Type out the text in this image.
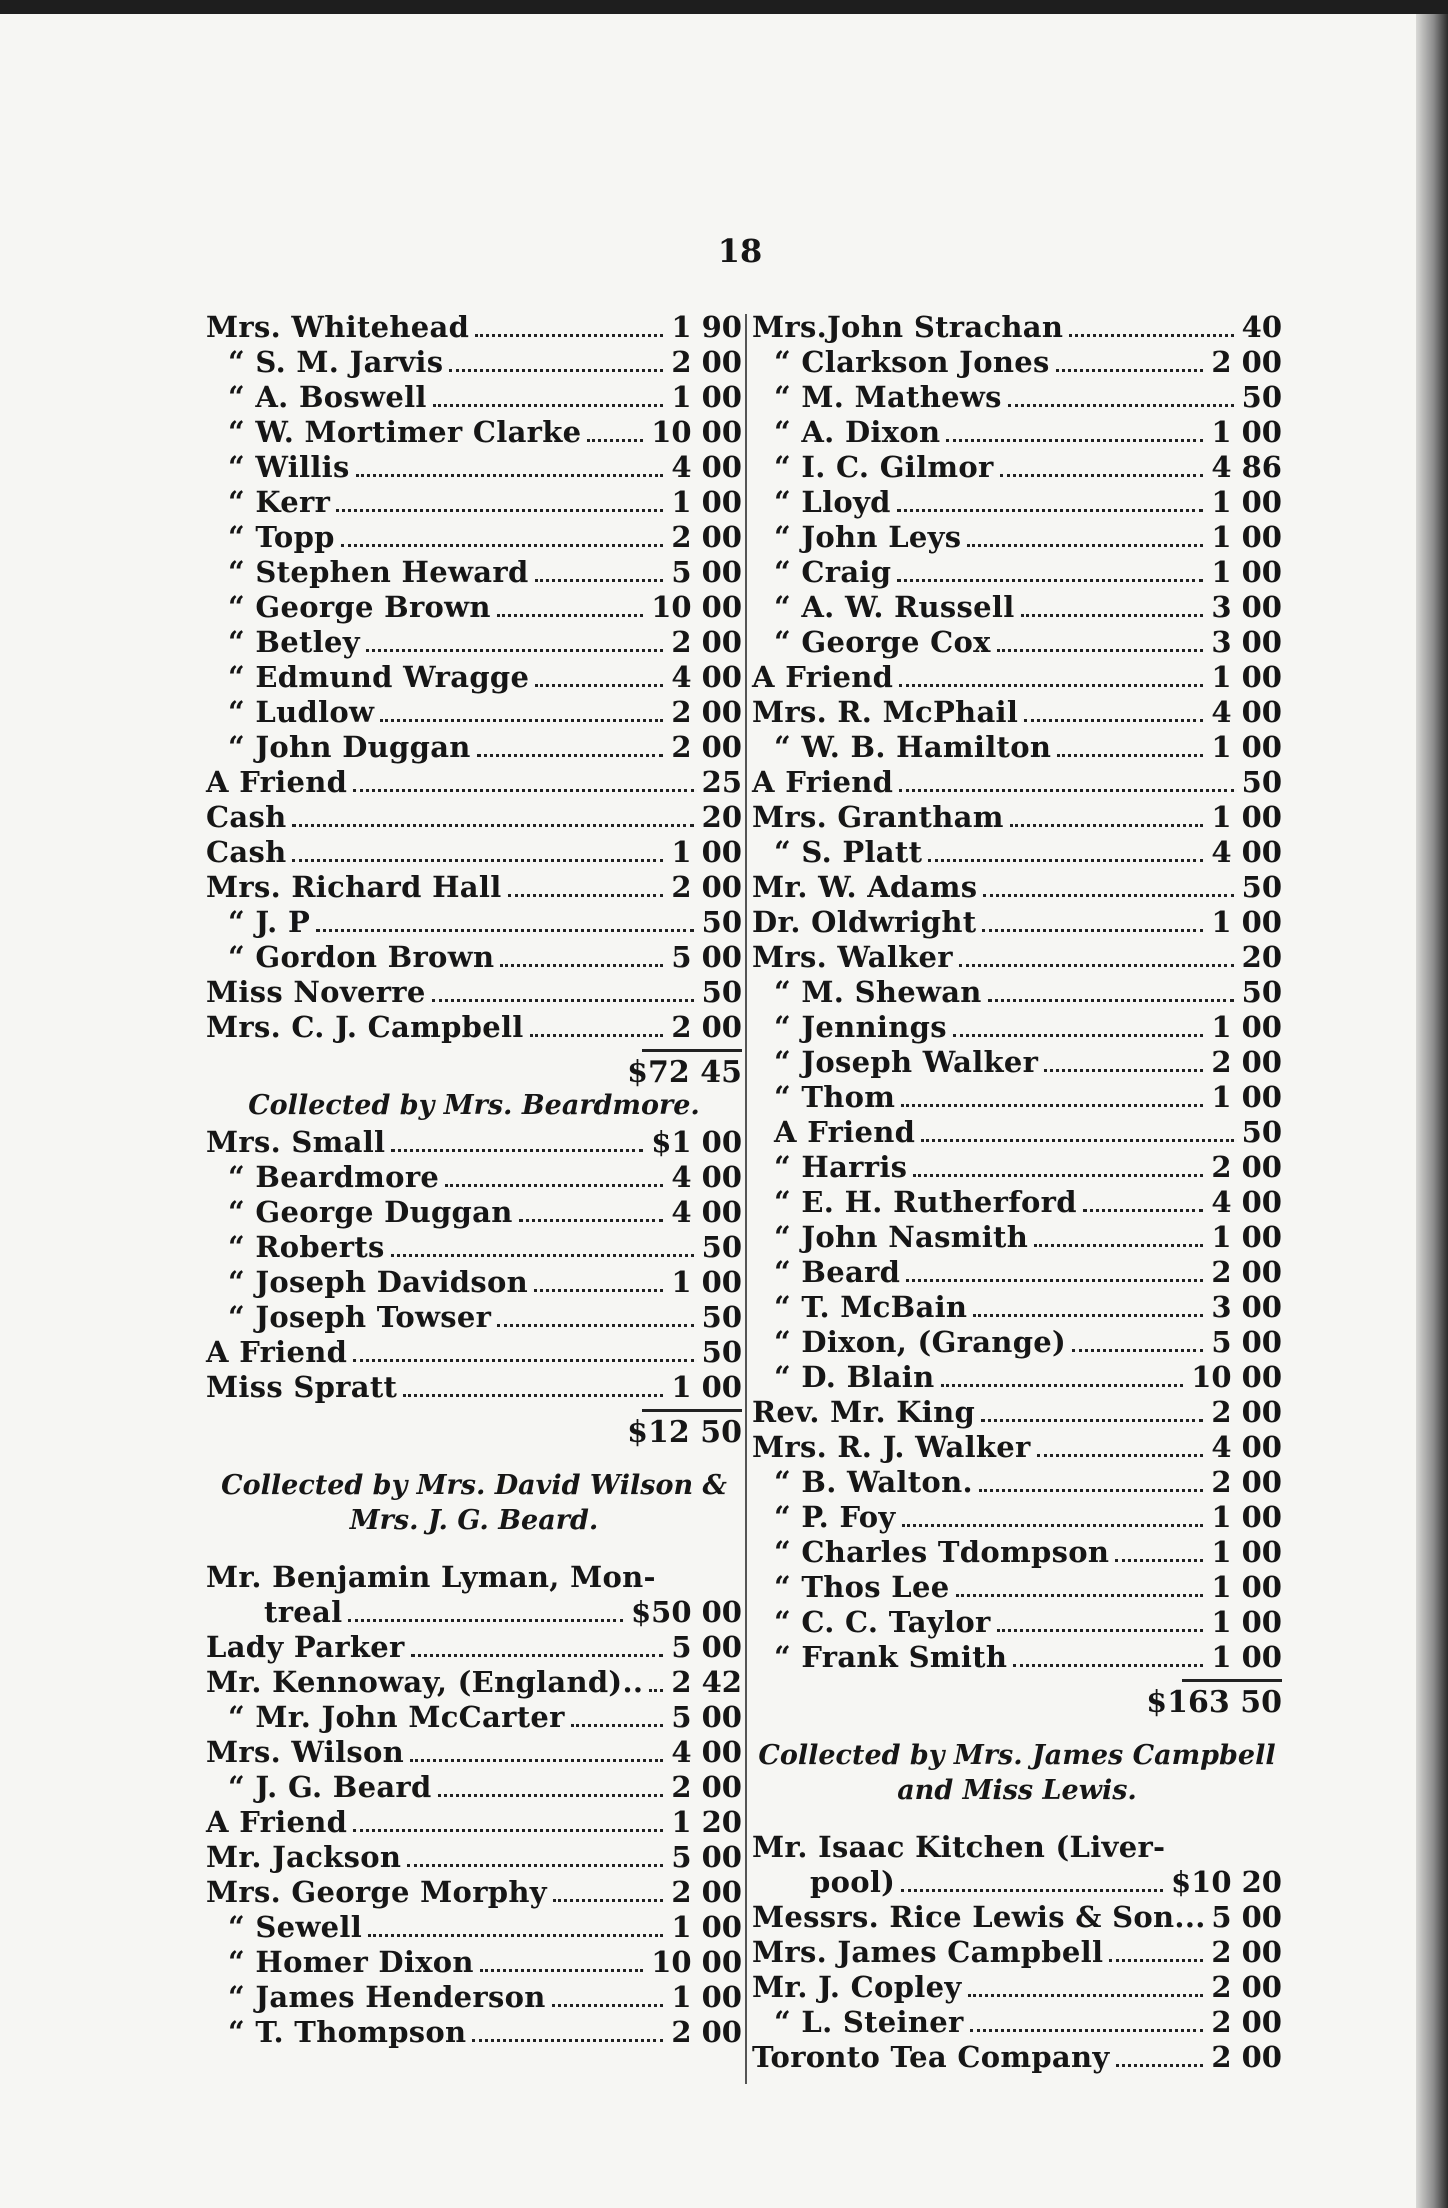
18
Mrs. Whitehead	1 90
“ S. M. Jarvis	2 00
“ A. Boswell	1 00
“ W. Mortimer Clarke 10 00
“ Willis	4 00
“ Kerr	1 00
“ Topp	2 00
“ Stephen Heward	5 00
“ George Brown	10 00
“ Betley	2 00
“ Edmund Wragge	4 00
“ Ludlow	2 00
“ John Duggan	2 00
A Friend	25
Cash	20
Cash	1 00
Mrs. Richard Hall	2 00
“ J. P	50
“ Gordon Brown	5 00
Miss Noverre	50
Mrs. C. J. Campbell	2 00
$72 45
Collected by Mrs. Beardmore.
Mrs. Small	$1 00
“ Beardmore	4 00
“ George Duggan	4 00
“ Roberts	50
“ Joseph Davidson	1 00
“ Joseph Towser	50
A Friend	50
Miss Spratt	1 00
$12 50
Collected by Mrs. David Wilson &
Mrs. J. G. Beard.
Mr. Benjamin Lyman, Mon-
treal	$50 00
Lady Parker	5 00
Mr. Kennoway, (England).. 2 42
“ Mr. John McCarter	5 00
Mrs. Wilson	4 00
“ J. G. Beard	2 00
A Friend	1 20
Mr. Jackson	5 00
Mrs. George Morphy	2 00
“ Sewell	1 00
“ Homer Dixon	10 00
“ James Henderson	1 00
“ T. Thompson	2 00
Mrs.John Strachan	40
“ Clarkson Jones	2 00
“ M. Mathews	50
“ A. Dixon	1 00
“ I. C. Gilmor	4 86
“ Lloyd	1 00
“ John Leys	1 00
“ Craig	1 00
“ A. W. Russell	3 00
“ George Cox	3 00
A Friend	1 00
Mrs. R. McPhail	4 00
“ W. B. Hamilton	1 00
A Friend	50
Mrs. Grantham	1 00
“ S. Platt	4 00
Mr. W. Adams	50
Dr. Oldwright	1 00
Mrs. Walker	20
“ M. Shewan	50
“ Jennings	1 00
“ Joseph Walker	2 00
“ Thom	1 00
A Friend	50
“ Harris	2 00
“ E. H. Rutherford	4 00
“ John Nasmith	1 00
“ Beard	2 00
“ T. McBain	3 00
“ Dixon, (Grange)	5 00
“ D. Blain	10 00
Rev. Mr. King	2 00
Mrs. R. J. Walker	4 00
“ B. Walton.	2 00
“ P. Foy	1 00
“ Charles Tdompson	1 00
“ Thos Lee	1 00
“ C. C. Taylor	1 00
“ Frank Smith	1 00
$163 50
Collected by Mrs. James Campbell
and Miss Lewis.
Mr. Isaac Kitchen (Liver-
pool)	$10 20
Messrs. Rice Lewis & Son... 5 00
Mrs. James Campbell	2 00
Mr. J. Copley	2 00
“ L. Steiner	2 00
Toronto Tea Company	2 00
